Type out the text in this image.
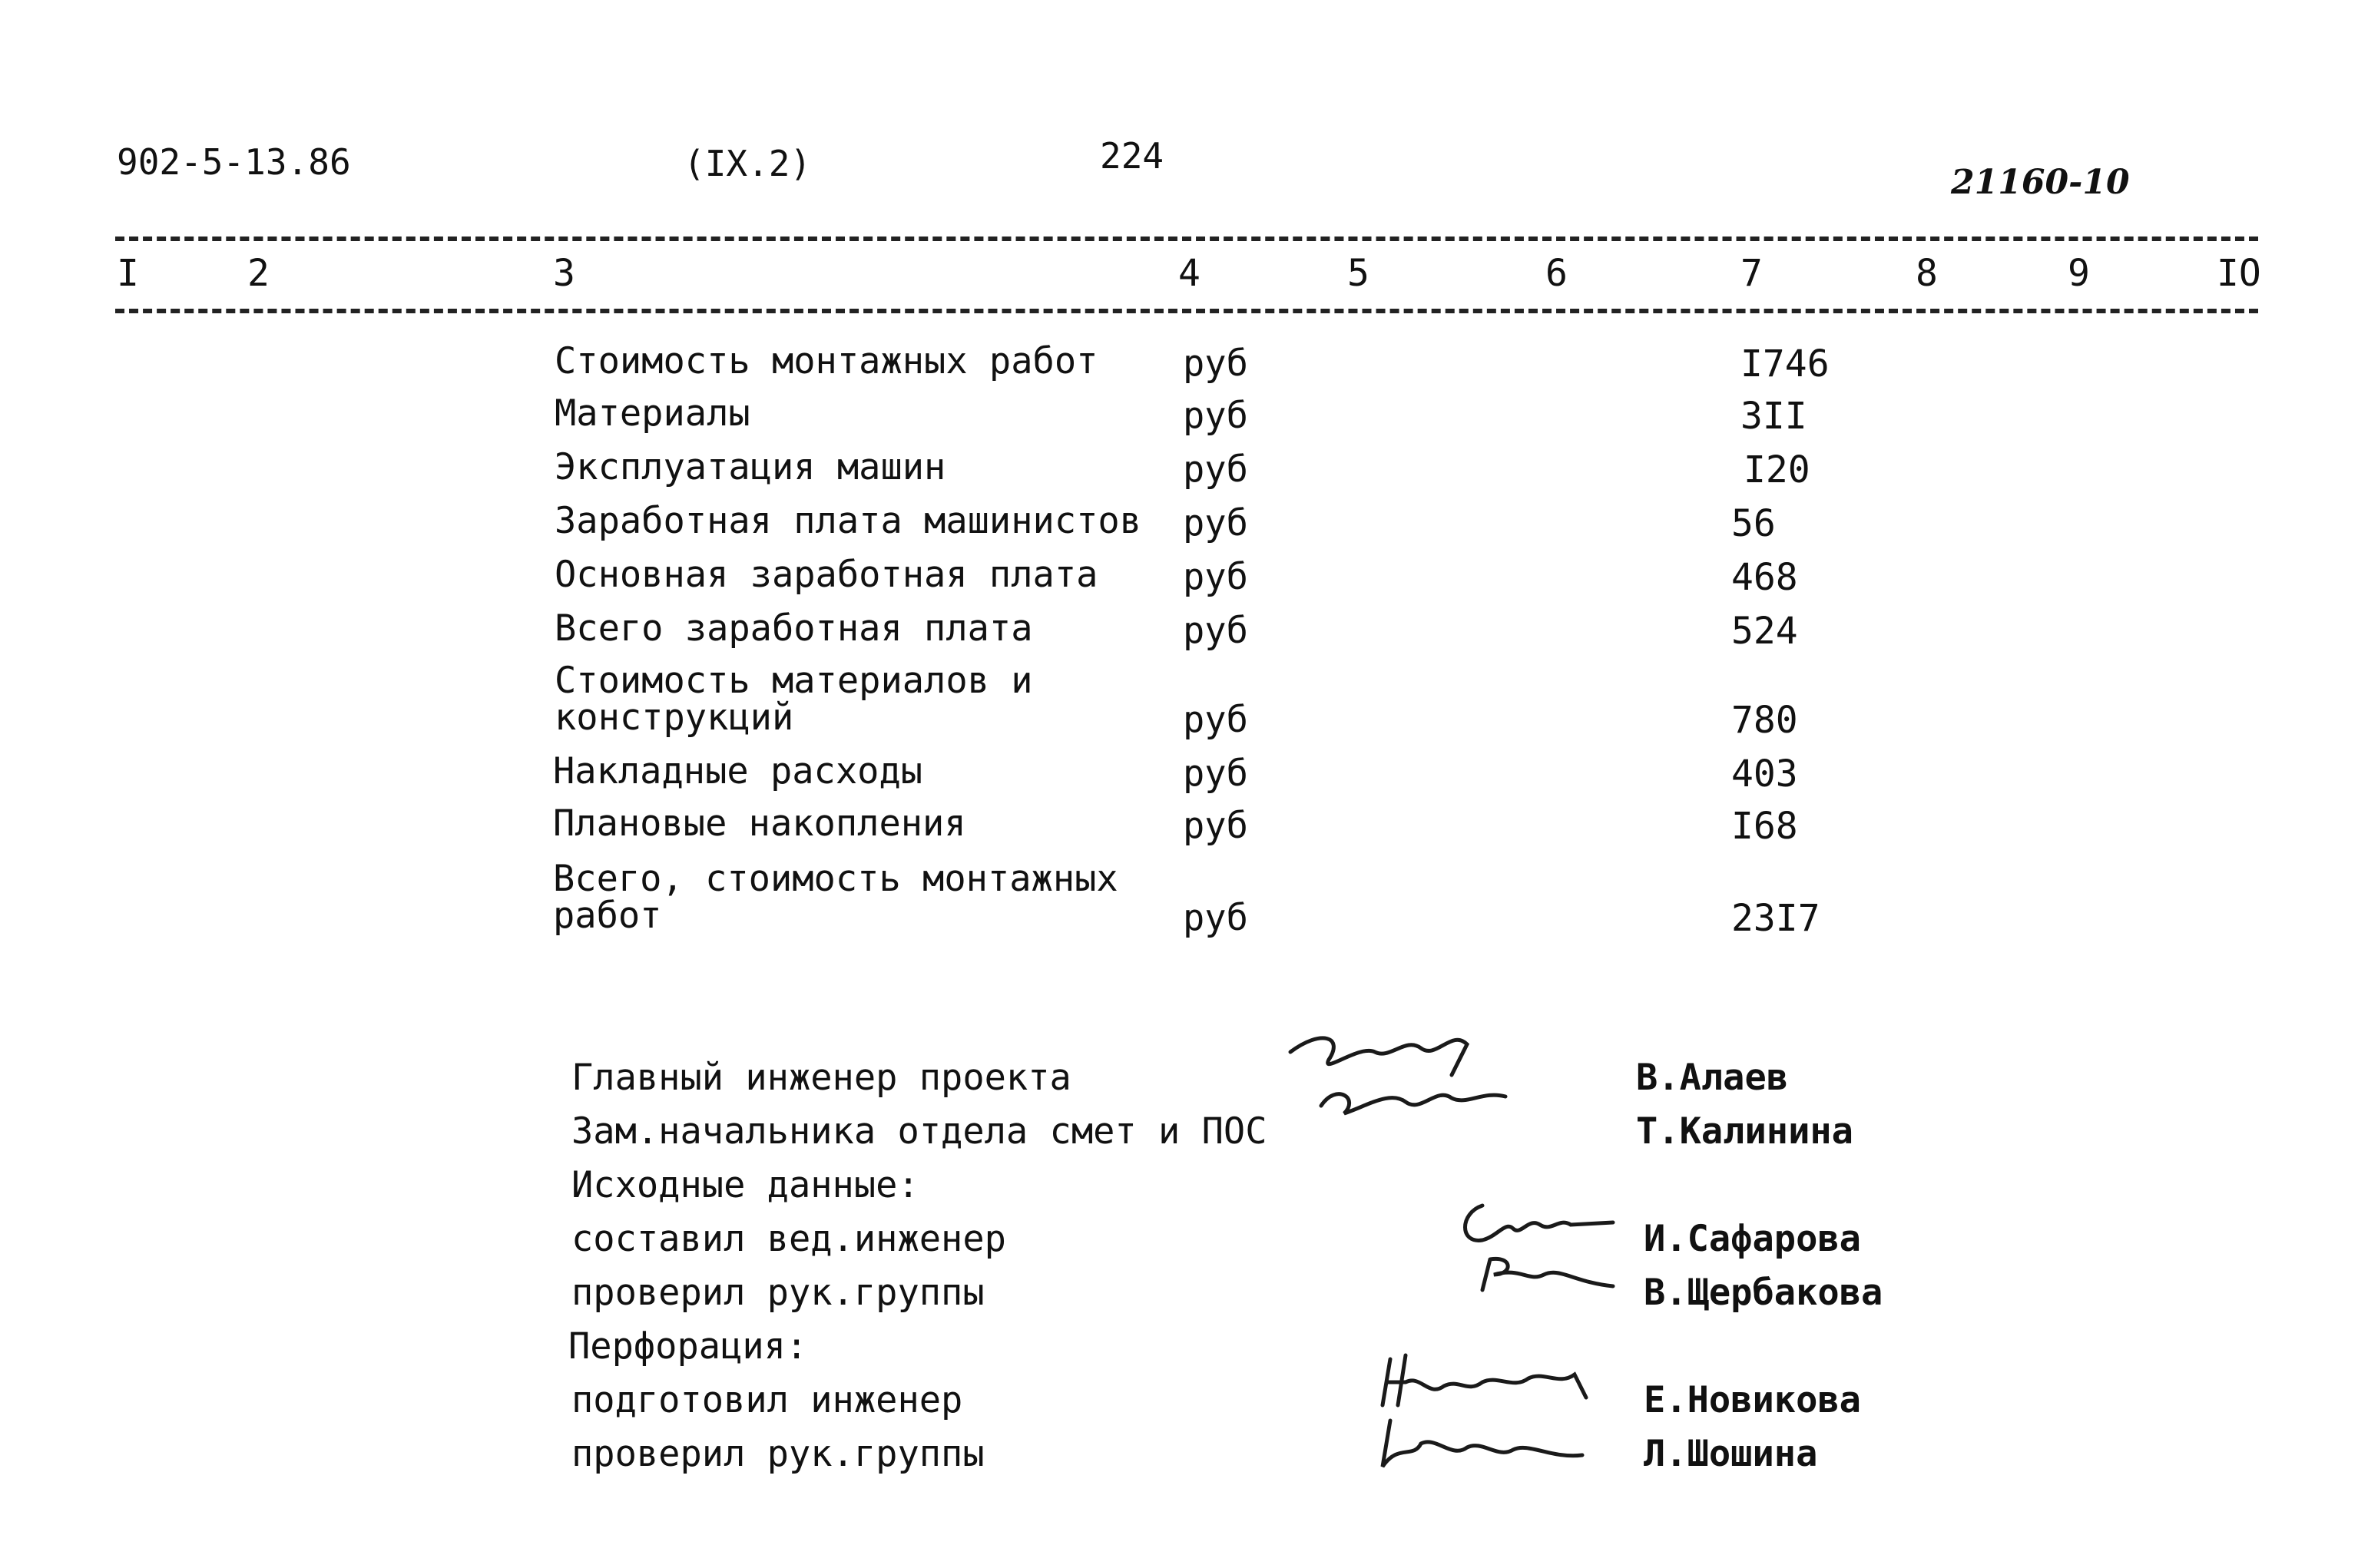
902-5-13.86	(IX.2)	224
21160-10
I	2	3	4	5	6	7	8	9	IO
Стоимость монтажных работ руб	I746
Материалы	руб	3II
Эксплуатация машин	руб	I20
Заработная плата машинистов руб	56
Основная заработная плата руб	468
Всего заработная плата	руб	524
Стоимость материалов и
конструкций	руб	780
Накладные расходы	руб	403
Плановые накопления	руб	I68
Всего, стоимость монтажных
работ	руб	23I7
Главный инженер проекта	В.Алаев
Зам.начальника отдела смет и ПОС	Т.Калинина
Исходные данные:
составил вед.инженер	И.Сафарова
проверил рук.группы	В.Щербакова
Перфорация:
подготовил инженер	Е.Новикова
проверил рук.группы	Л.Шошина
